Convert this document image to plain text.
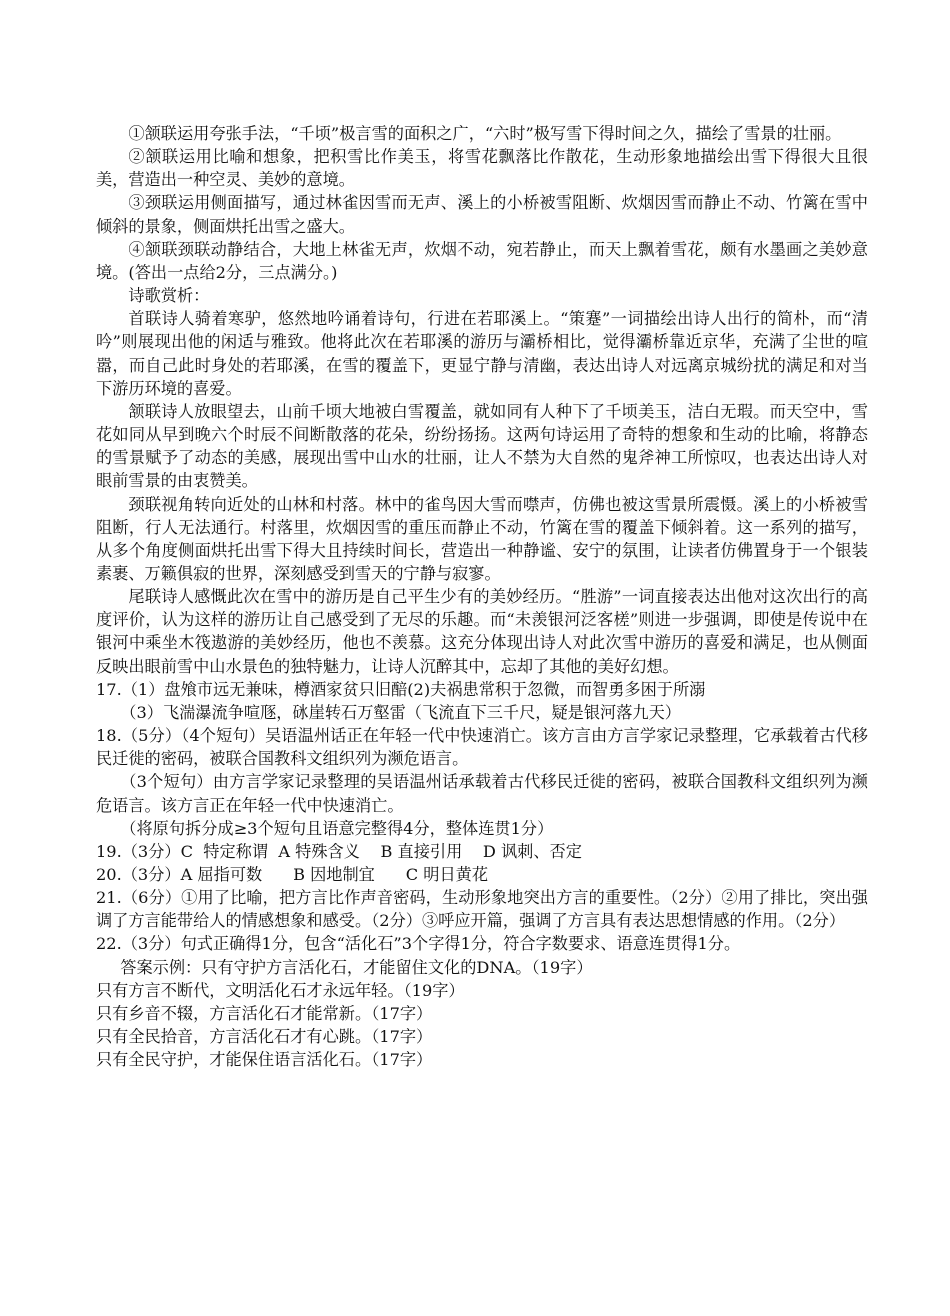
①颔联运用夸张手法，“千顷”极言雪的面积之广，“六时”极写雪下得时间之久，描绘了雪景的壮丽。

②颔联运用比喻和想象，把积雪比作美玉，将雪花飘落比作散花，生动形象地描绘出雪下得很大且很美，营造出一种空灵、美妙的意境。

③颈联运用侧面描写，通过林雀因雪而无声、溪上的小桥被雪阻断、炊烟因雪而静止不动、竹篱在雪中倾斜的景象，侧面烘托出雪之盛大。

④颔联颈联动静结合，大地上林雀无声，炊烟不动，宛若静止，而天上飘着雪花，颇有水墨画之美妙意境。(答出一点给2分，三点满分。)

诗歌赏析：

首联诗人骑着寒驴，悠然地吟诵着诗句，行进在若耶溪上。“策蹇”一词描绘出诗人出行的简朴，而“清吟”则展现出他的闲适与雅致。他将此次在若耶溪的游历与灞桥相比，觉得灞桥靠近京华，充满了尘世的喧嚣，而自己此时身处的若耶溪，在雪的覆盖下，更显宁静与清幽，表达出诗人对远离京城纷扰的满足和对当下游历环境的喜爱。

颔联诗人放眼望去，山前千顷大地被白雪覆盖，就如同有人种下了千顷美玉，洁白无瑕。而天空中，雪花如同从早到晚六个时辰不间断散落的花朵，纷纷扬扬。这两句诗运用了奇特的想象和生动的比喻，将静态的雪景赋予了动态的美感，展现出雪中山水的壮丽，让人不禁为大自然的鬼斧神工所惊叹，也表达出诗人对眼前雪景的由衷赞美。

颈联视角转向近处的山林和村落。林中的雀鸟因大雪而噤声，仿佛也被这雪景所震慑。溪上的小桥被雪阻断，行人无法通行。村落里，炊烟因雪的重压而静止不动，竹篱在雪的覆盖下倾斜着。这一系列的描写，从多个角度侧面烘托出雪下得大且持续时间长，营造出一种静谧、安宁的氛围，让读者仿佛置身于一个银装素裹、万籁俱寂的世界，深刻感受到雪天的宁静与寂寥。

尾联诗人感慨此次在雪中的游历是自己平生少有的美妙经历。“胜游”一词直接表达出他对这次出行的高度评价，认为这样的游历让自己感受到了无尽的乐趣。而“未羡银河泛客槎”则进一步强调，即使是传说中在银河中乘坐木筏遨游的美妙经历，他也不羡慕。这充分体现出诗人对此次雪中游历的喜爱和满足，也从侧面反映出眼前雪中山水景色的独特魅力，让诗人沉醉其中，忘却了其他的美好幻想。

17.（1）盘飧市远无兼味，樽酒家贫只旧醅(2)夫祸患常积于忽微，而智勇多困于所溺

（3）飞湍瀑流争喧豗，砯崖转石万壑雷（飞流直下三千尺，疑是银河落九天）

18.（5分）（4个短句）吴语温州话正在年轻一代中快速消亡。该方言由方言学家记录整理，它承载着古代移民迁徙的密码，被联合国教科文组织列为濒危语言。

（3个短句）由方言学家记录整理的吴语温州话承载着古代移民迁徙的密码，被联合国教科文组织列为濒危语言。该方言正在年轻一代中快速消亡。

（将原句拆分成≥3个短句且语意完整得4分，整体连贯1分）

19.（3分）C  特定称谓  A 特殊含义    B 直接引用    D 讽刺、否定

20.（3分）A 屈指可数      B 因地制宜      C 明日黄花

21.（6分）①用了比喻，把方言比作声音密码，生动形象地突出方言的重要性。（2分）②用了排比，突出强调了方言能带给人的情感想象和感受。（2分）③呼应开篇，强调了方言具有表达思想情感的作用。（2分）

22.（3分）句式正确得1分，包含“活化石”3个字得1分，符合字数要求、语意连贯得1分。

答案示例：只有守护方言活化石，才能留住文化的DNA。（19字）

只有方言不断代，文明活化石才永远年轻。（19字）

只有乡音不辍，方言活化石才能常新。（17字）

只有全民拾音，方言活化石才有心跳。（17字）

只有全民守护，才能保住语言活化石。（17字）
